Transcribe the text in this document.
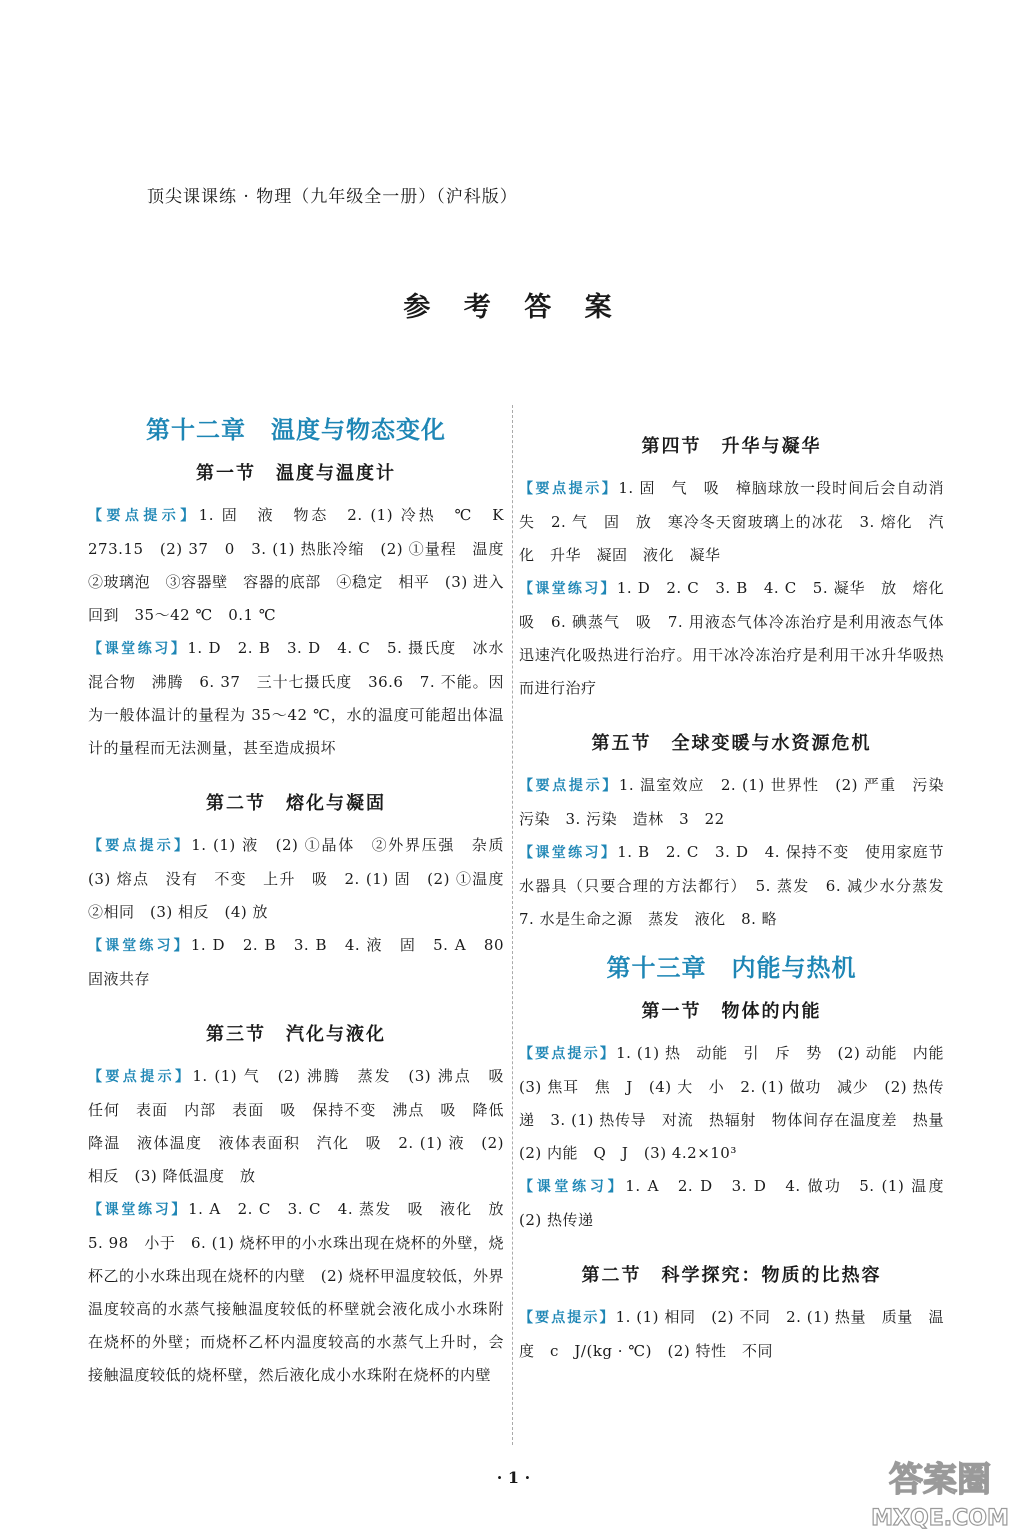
顶尖课课练 · 物理（九年级全一册）（沪科版）
参 考 答 案
第十二章　温度与物态变化
第一节　温度与温度计

【要点提示】1. 固　液　物态　2. (1) 冷热　℃　K　273.15　(2) 37　0　3. (1) 热胀冷缩　(2) ①量程　温度　②玻璃泡　③容器壁　容器的底部　④稳定　相平　(3) 进入　回到　35～42 ℃　0.1 ℃

【课堂练习】1. D　2. B　3. D　4. C　5. 摄氏度　冰水混合物　沸腾　6. 37　三十七摄氏度　36.6　7. 不能。因为一般体温计的量程为 35～42 ℃，水的温度可能超出体温计的量程而无法测量，甚至造成损坏

第二节　熔化与凝固

【要点提示】1. (1) 液　(2) ①晶体　②外界压强　杂质　(3) 熔点　没有　不变　上升　吸　2. (1) 固　(2) ①温度　②相同　(3) 相反　(4) 放

【课堂练习】1. D　2. B　3. B　4. 液　固　5. A　80　固液共存

第三节　汽化与液化

【要点提示】1. (1) 气　(2) 沸腾　蒸发　(3) 沸点　吸　任何　表面　内部　表面　吸　保持不变　沸点　吸　降低　降温　液体温度　液体表面积　汽化　吸　2. (1) 液　(2) 相反　(3) 降低温度　放

【课堂练习】1. A　2. C　3. C　4. 蒸发　吸　液化　放　5. 98　小于　6. (1) 烧杯甲的小水珠出现在烧杯的外壁，烧杯乙的小水珠出现在烧杯的内壁　(2) 烧杯甲温度较低，外界温度较高的水蒸气接触温度较低的杯壁就会液化成小水珠附在烧杯的外壁；而烧杯乙杯内温度较高的水蒸气上升时，会接触温度较低的烧杯壁，然后液化成小水珠附在烧杯的内壁

第四节　升华与凝华

【要点提示】1. 固　气　吸　樟脑球放一段时间后会自动消失　2. 气　固　放　寒冷冬天窗玻璃上的冰花　3. 熔化　汽化　升华　凝固　液化　凝华

【课堂练习】1. D　2. C　3. B　4. C　5. 凝华　放　熔化　吸　6. 碘蒸气　吸　7. 用液态气体冷冻治疗是利用液态气体迅速汽化吸热进行治疗。用干冰冷冻治疗是利用干冰升华吸热而进行治疗

第五节　全球变暖与水资源危机

【要点提示】1. 温室效应　2. (1) 世界性　(2) 严重　污染　污染　3. 污染　造林　3　22

【课堂练习】1. B　2. C　3. D　4. 保持不变　使用家庭节水器具（只要合理的方法都行）　5. 蒸发　6. 减少水分蒸发　7. 水是生命之源　蒸发　液化　8. 略

第十三章　内能与热机
第一节　物体的内能

【要点提示】1. (1) 热　动能　引　斥　势　(2) 动能　内能　(3) 焦耳　焦　J　(4) 大　小　2. (1) 做功　减少　(2) 热传递　3. (1) 热传导　对流　热辐射　物体间存在温度差　热量　(2) 内能　Q　J　(3) 4.2×10³

【课堂练习】1. A　2. D　3. D　4. 做功　5. (1) 温度　(2) 热传递

第二节　科学探究：物质的比热容

【要点提示】1. (1) 相同　(2) 不同　2. (1) 热量　质量　温度　c　J/(kg · ℃)　(2) 特性　不同

· 1 ·	答案圈
MXQE.COM
